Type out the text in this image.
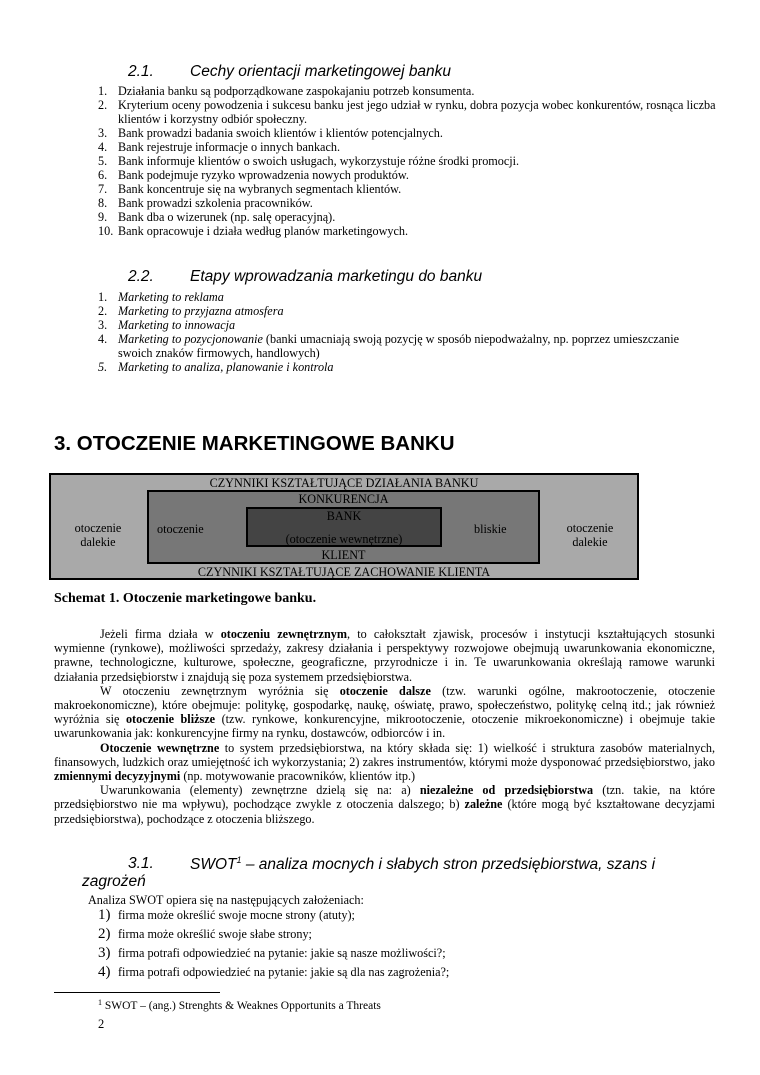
2.1. Cechy orientacji marketingowej banku
1. Działania banku są podporządkowane zaspokajaniu potrzeb konsumenta.
2. Kryterium oceny powodzenia i sukcesu banku jest jego udział w rynku, dobra pozycja wobec konkurentów, rosnąca liczba klientów i korzystny odbiór społeczny.
3. Bank prowadzi badania swoich klientów i klientów potencjalnych.
4. Bank rejestruje informacje o innych bankach.
5. Bank informuje klientów o swoich usługach, wykorzystuje różne środki promocji.
6. Bank podejmuje ryzyko wprowadzenia nowych produktów.
7. Bank koncentruje się na wybranych segmentach klientów.
8. Bank prowadzi szkolenia pracowników.
9. Bank dba o wizerunek (np. salę operacyjną).
10. Bank opracowuje i działa według planów marketingowych.
2.2. Etapy wprowadzania marketingu do banku
1. Marketing to reklama
2. Marketing to przyjazna atmosfera
3. Marketing to innowacja
4. Marketing to pozycjonowanie (banki umacniają swoją pozycję w sposób niepodważalny, np. poprzez umieszczanie swoich znaków firmowych, handlowych)
5. Marketing to analiza, planowanie i kontrola
3. OTOCZENIE MARKETINGOWE BANKU
CZYNNIKI KSZTAŁTUJĄCE DZIAŁANIA BANKU
KONKURENCJA
BANK
(otoczenie wewnętrzne)
KLIENT
otoczenie	bliskie
otoczenie
dalekie
otoczenie
dalekie
CZYNNIKI KSZTAŁTUJĄCE ZACHOWANIE KLIENTA
Schemat 1. Otoczenie marketingowe banku.

Jeżeli firma działa w otoczeniu zewnętrznym, to całokształt zjawisk, procesów i instytucji kształtujących stosunki wymienne (rynkowe), możliwości sprzedaży, zakresy działania i perspektywy rozwojowe obejmują uwarunkowania ekonomiczne, prawne, technologiczne, kulturowe, społeczne, geograficzne, przyrodnicze i in. Te uwarunkowania określają ramowe warunki działania przedsiębiorstw i znajdują się poza systemem przedsiębiorstwa.

W otoczeniu zewnętrznym wyróżnia się otoczenie dalsze (tzw. warunki ogólne, makrootoczenie, otoczenie makroekonomiczne), które obejmuje: politykę, gospodarkę, naukę, oświatę, prawo, społeczeństwo, politykę celną itd.; jak również wyróżnia się otoczenie bliższe (tzw. rynkowe, konkurencyjne, mikrootoczenie, otoczenie mikroekonomiczne) i obejmuje takie uwarunkowania jak: konkurencyjne firmy na rynku, dostawców, odbiorców i in.

Otoczenie wewnętrzne to system przedsiębiorstwa, na który składa się: 1) wielkość i struktura zasobów materialnych, finansowych, ludzkich oraz umiejętność ich wykorzystania; 2) zakres instrumentów, którymi może dysponować przedsiębiorstwo, jako zmiennymi decyzyjnymi (np. motywowanie pracowników, klientów itp.)

Uwarunkowania (elementy) zewnętrzne dzielą się na: a) niezależne od przedsiębiorstwa (tzn. takie, na które przedsiębiorstwo nie ma wpływu), pochodzące zwykle z otoczenia dalszego; b) zależne (które mogą być kształtowane decyzjami przedsiębiorstwa), pochodzące z otoczenia bliższego.

3.1. SWOT$^1$ – analiza mocnych i słabych stron przedsiębiorstwa, szans i
zagrożeń
Analiza SWOT opiera się na następujących założeniach:
1) firma może określić swoje mocne strony (atuty);
2) firma może określić swoje słabe strony;
3) firma potrafi odpowiedzieć na pytanie: jakie są nasze możliwości?;
4) firma potrafi odpowiedzieć na pytanie: jakie są dla nas zagrożenia?;
$^1$ SWOT – (ang.) Strenghts & Weaknes Opportunits a Threats
2
